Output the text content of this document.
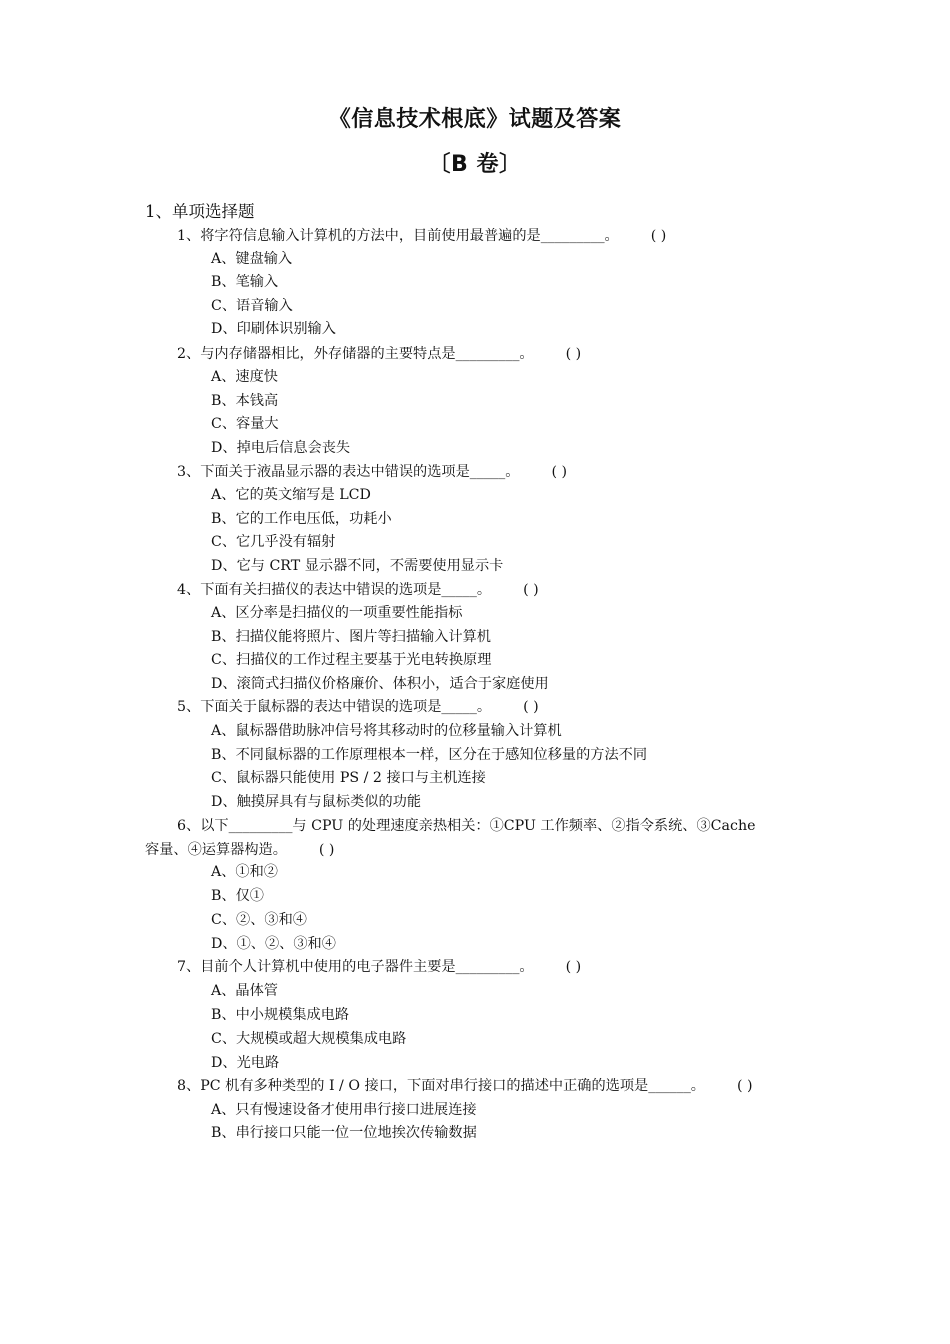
《信息技术根底》试题及答案
〔B 卷〕
1、单项选择题
1、将字符信息输入计算机的方法中，目前使用最普遍的是_________。 ( )
A、键盘输入
B、笔输入
C、语音输入
D、印刷体识别输入
2、与内存储器相比，外存储器的主要特点是_________。 ( )
A、速度快
B、本钱高
C、容量大
D、掉电后信息会丧失
3、下面关于液晶显示器的表达中错误的选项是_____。 ( )
A、它的英文缩写是 LCD
B、它的工作电压低，功耗小
C、它几乎没有辐射
D、它与 CRT 显示器不同，不需要使用显示卡
4、下面有关扫描仪的表达中错误的选项是_____。 ( )
A、区分率是扫描仪的一项重要性能指标
B、扫描仪能将照片、图片等扫描输入计算机
C、扫描仪的工作过程主要基于光电转换原理
D、滚筒式扫描仪价格廉价、体积小，适合于家庭使用
5、下面关于鼠标器的表达中错误的选项是_____。 ( )
A、鼠标器借助脉冲信号将其移动时的位移量输入计算机
B、不同鼠标器的工作原理根本一样，区分在于感知位移量的方法不同
C、鼠标器只能使用 PS / 2 接口与主机连接
D、触摸屏具有与鼠标类似的功能
6、以下_________与 CPU 的处理速度亲热相关：①CPU 工作频率、②指令系统、③Cache
容量、④运算器构造。 ( )
A、①和②
B、仅①
C、②、③和④
D、①、②、③和④
7、目前个人计算机中使用的电子器件主要是_________。 ( )
A、晶体管
B、中小规模集成电路
C、大规模或超大规模集成电路
D、光电路
8、PC 机有多种类型的 I / O 接口，下面对串行接口的描述中正确的选项是______。 ( )
A、只有慢速设备才使用串行接口进展连接
B、串行接口只能一位一位地挨次传输数据
